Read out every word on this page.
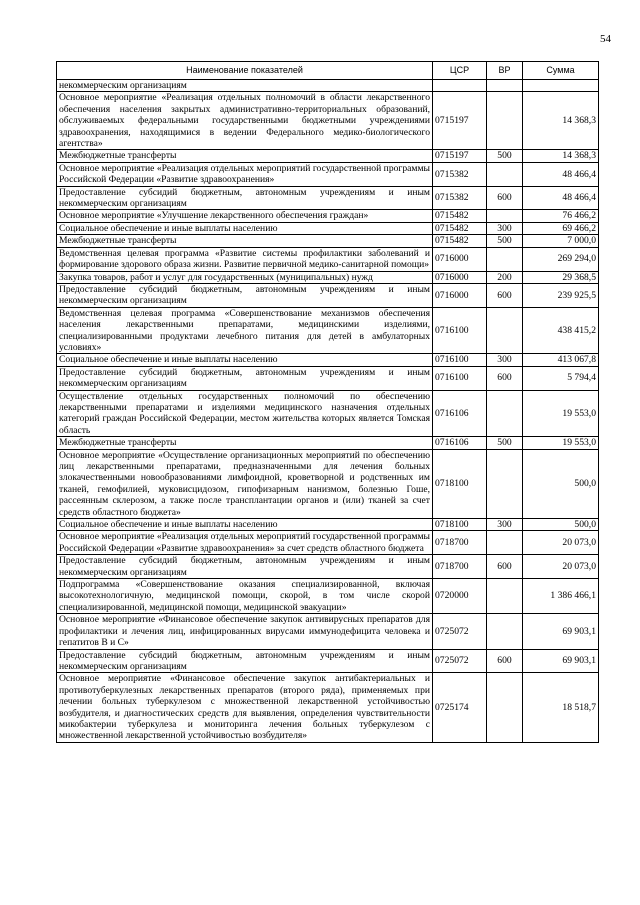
54
Наименование показателей	ЦСР	ВР	Сумма
некоммерческим организациям			
Основное мероприятие «Реализация отдельных полномочий в области лекарственного обеспечения населения закрытых административно-территориальных образований, обслуживаемых федеральными государственными бюджетными учреждениями здравоохранения, находящимися в ведении Федерального медико-биологического агентства»	0715197		14 368,3
Межбюджетные трансферты	0715197	500	14 368,3
Основное мероприятие «Реализация отдельных мероприятий государственной программы Российской Федерации «Развитие здравоохранения»	0715382		48 466,4
Предоставление субсидий бюджетным, автономным учреждениям и иным некоммерческим организациям	0715382	600	48 466,4
Основное мероприятие «Улучшение лекарственного обеспечения граждан»	0715482		76 466,2
Социальное обеспечение и иные выплаты населению	0715482	300	69 466,2
Межбюджетные трансферты	0715482	500	7 000,0
Ведомственная целевая программа «Развитие системы профилактики заболеваний и формирование здорового образа жизни. Развитие первичной медико-санитарной помощи»	0716000		269 294,0
Закупка товаров, работ и услуг для государственных (муниципальных) нужд	0716000	200	29 368,5
Предоставление субсидий бюджетным, автономным учреждениям и иным некоммерческим организациям	0716000	600	239 925,5
Ведомственная целевая программа «Совершенствование механизмов обеспечения населения лекарственными препаратами, медицинскими изделиями, специализированными продуктами лечебного питания для детей в амбулаторных условиях»	0716100		438 415,2
Социальное обеспечение и иные выплаты населению	0716100	300	413 067,8
Предоставление субсидий бюджетным, автономным учреждениям и иным некоммерческим организациям	0716100	600	5 794,4
Осуществление отдельных государственных полномочий по обеспечению лекарственными препаратами и изделиями медицинского назначения отдельных категорий граждан Российской Федерации, местом жительства которых является Томская область	0716106		19 553,0
Межбюджетные трансферты	0716106	500	19 553,0
Основное мероприятие «Осуществление организационных мероприятий по обеспечению лиц лекарственными препаратами, предназначенными для лечения больных злокачественными новообразованиями лимфоидной, кроветворной и родственных им тканей, гемофилией, муковисцидозом, гипофизарным нанизмом, болезнью Гоше, рассеянным склерозом, а также после трансплантации органов и (или) тканей за счет средств областного бюджета»	0718100		500,0
Социальное обеспечение и иные выплаты населению	0718100	300	500,0
Основное мероприятие «Реализация отдельных мероприятий государственной программы Российской Федерации «Развитие здравоохранения» за счет средств областного бюджета	0718700		20 073,0
Предоставление субсидий бюджетным, автономным учреждениям и иным некоммерческим организациям	0718700	600	20 073,0
Подпрограмма «Совершенствование оказания специализированной, включая высокотехнологичную, медицинской помощи, скорой, в том числе скорой специализированной, медицинской помощи, медицинской эвакуации»	0720000		1 386 466,1
Основное мероприятие «Финансовое обеспечение закупок антивирусных препаратов для профилактики и лечения лиц, инфицированных вирусами иммунодефицита человека и гепатитов В и С»	0725072		69 903,1
Предоставление субсидий бюджетным, автономным учреждениям и иным некоммерческим организациям	0725072	600	69 903,1
Основное мероприятие «Финансовое обеспечение закупок антибактериальных и противотуберкулезных лекарственных препаратов (второго ряда), применяемых при лечении больных туберкулезом с множественной лекарственной устойчивостью возбудителя, и диагностических средств для выявления, определения чувствительности микобактерии туберкулеза и мониторинга лечения больных туберкулезом с множественной лекарственной устойчивостью возбудителя»	0725174		18 518,7
